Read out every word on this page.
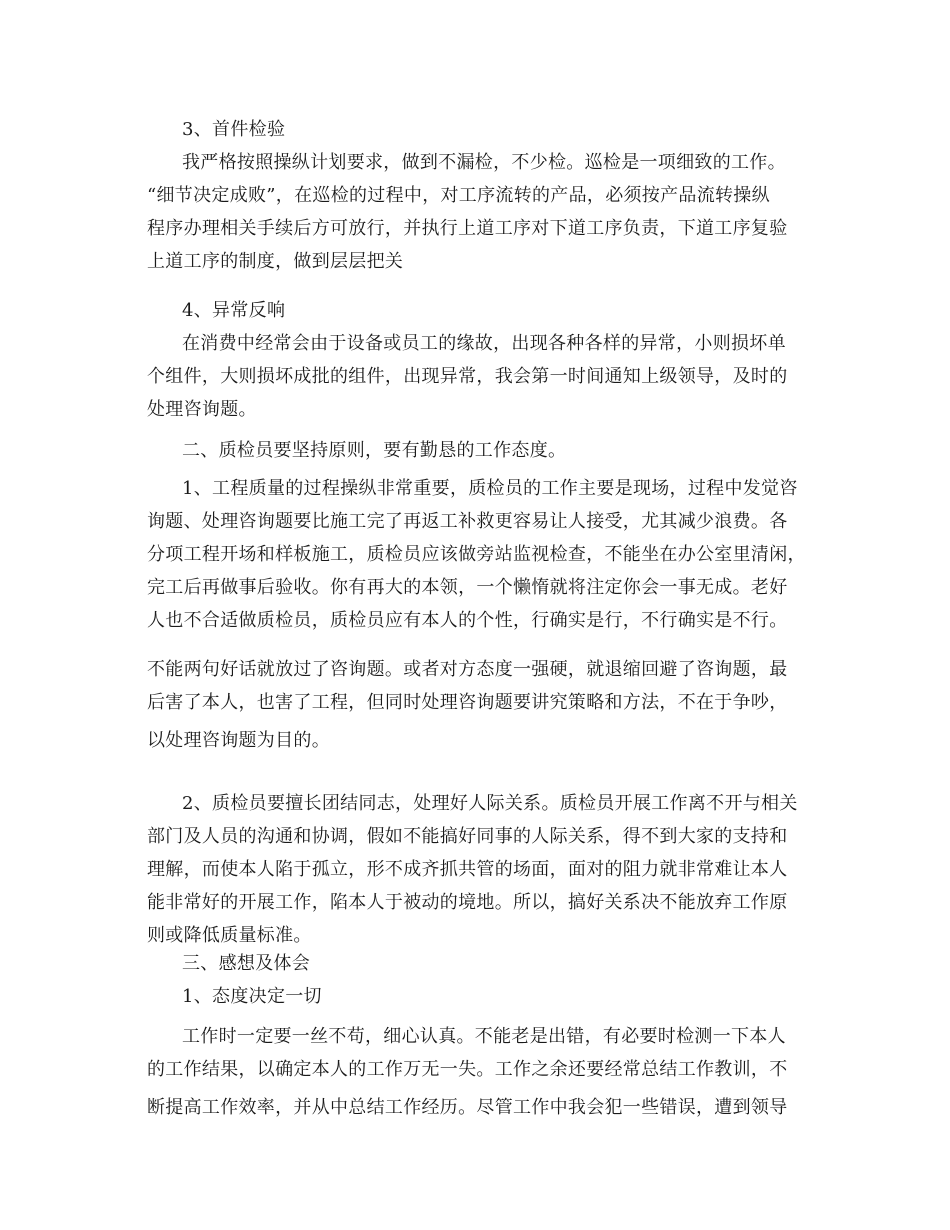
3、首件检验

我严格按照操纵计划要求，做到不漏检，不少检。巡检是一项细致的工作。

“细节决定成败”，在巡检的过程中，对工序流转的产品，必须按产品流转操纵

程序办理相关手续后方可放行，并执行上道工序对下道工序负责，下道工序复验

上道工序的制度，做到层层把关

4、异常反响

在消费中经常会由于设备或员工的缘故，出现各种各样的异常，小则损坏单

个组件，大则损坏成批的组件，出现异常，我会第一时间通知上级领导，及时的

处理咨询题。

二、质检员要坚持原则，要有勤恳的工作态度。

1、工程质量的过程操纵非常重要，质检员的工作主要是现场，过程中发觉咨

询题、处理咨询题要比施工完了再返工补救更容易让人接受，尤其减少浪费。各

分项工程开场和样板施工，质检员应该做旁站监视检查，不能坐在办公室里清闲，

完工后再做事后验收。你有再大的本领，一个懒惰就将注定你会一事无成。老好

人也不合适做质检员，质检员应有本人的个性，行确实是行，不行确实是不行。

不能两句好话就放过了咨询题。或者对方态度一强硬，就退缩回避了咨询题，最

后害了本人，也害了工程，但同时处理咨询题要讲究策略和方法，不在于争吵，

以处理咨询题为目的。

2、质检员要擅长团结同志，处理好人际关系。质检员开展工作离不开与相关

部门及人员的沟通和协调，假如不能搞好同事的人际关系，得不到大家的支持和

理解，而使本人陷于孤立，形不成齐抓共管的场面，面对的阻力就非常难让本人

能非常好的开展工作，陷本人于被动的境地。所以，搞好关系决不能放弃工作原

则或降低质量标准。

三、感想及体会

1、态度决定一切

工作时一定要一丝不苟，细心认真。不能老是出错，有必要时检测一下本人

的工作结果，以确定本人的工作万无一失。工作之余还要经常总结工作教训，不

断提高工作效率，并从中总结工作经历。尽管工作中我会犯一些错误，遭到领导
